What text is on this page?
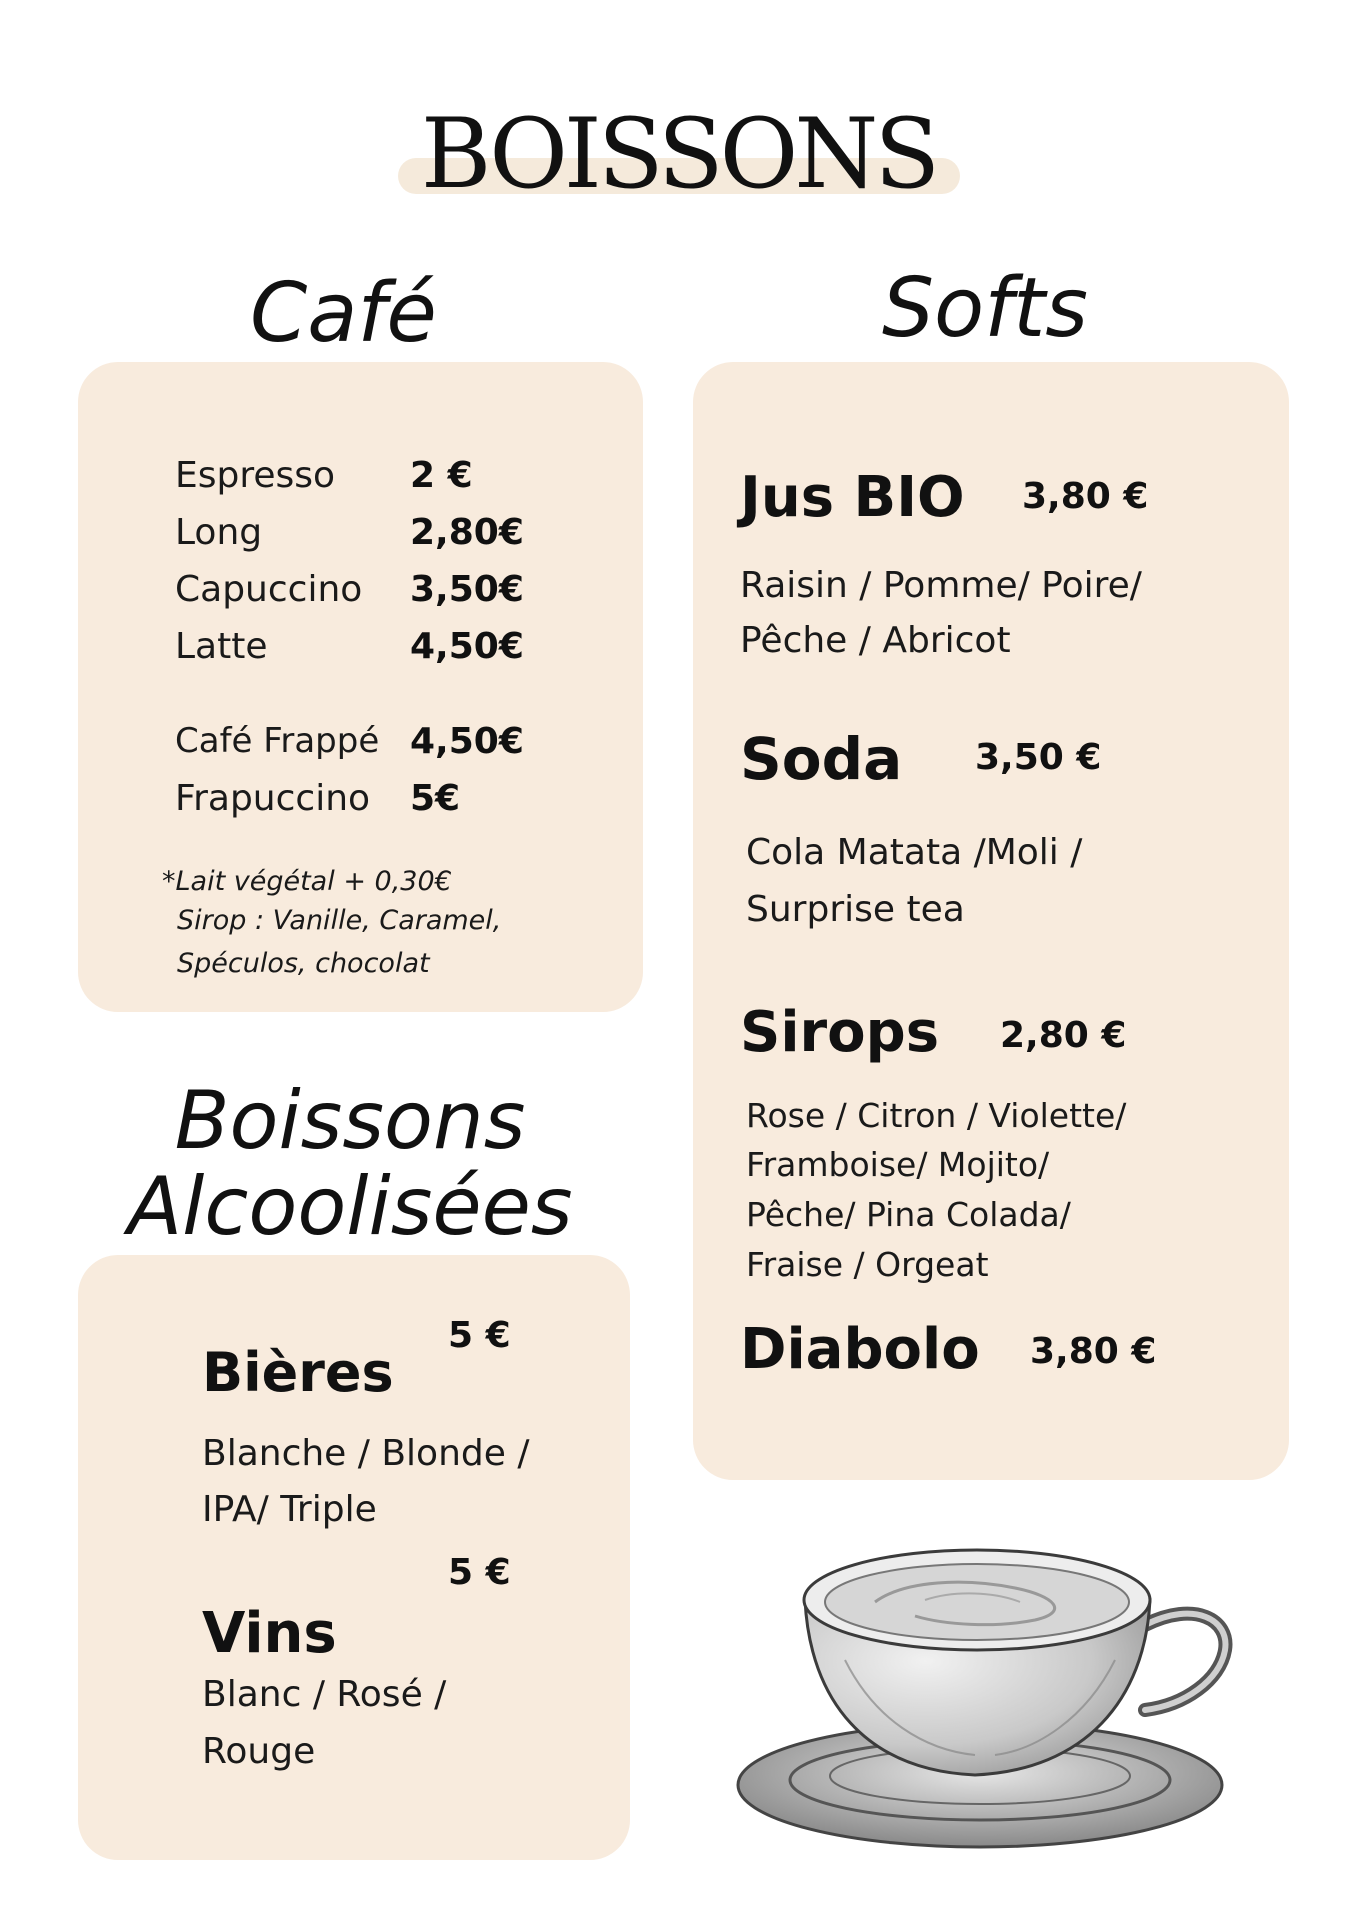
BOISSONS
Café	Softs
Boissons
Alcoolisées
Espresso 2 €
Long	2,80€
Capuccino 3,50€
Latte	4,50€
Café Frappé 4,50€
Frapuccino 5€
*Lait végétal + 0,30€
Sirop : Vanille, Caramel,
Spéculos, chocolat
Jus BIO 3,80 €
Raisin / Pomme/ Poire/
Pêche / Abricot
Soda 3,50 €
Cola Matata /Moli /
Surprise tea
Sirops 2,80 €
Rose / Citron / Violette/
Framboise/ Mojito/
Pêche/ Pina Colada/
Fraise / Orgeat
Diabolo 3,80 €
5 €
Bières
Blanche / Blonde /
IPA/ Triple
5 €
Vins
Blanc / Rosé /
Rouge
